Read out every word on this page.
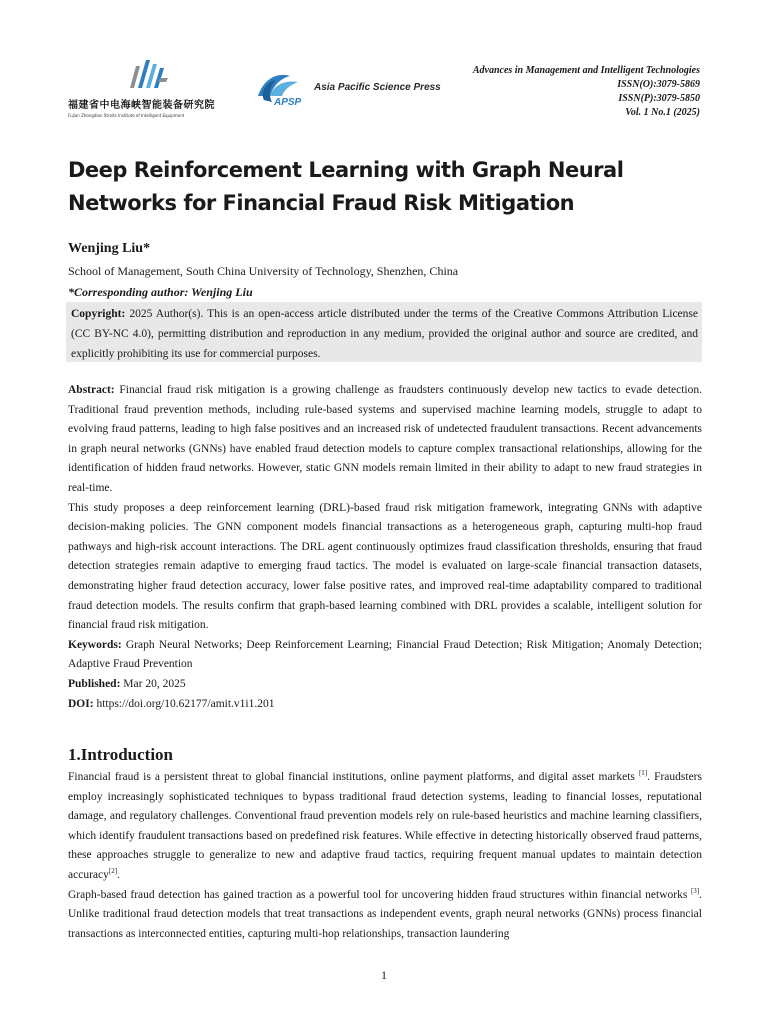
福建省中电海峡智能装备研究院
Fujian Zhongdian Straits Institute of Intelligent Equipment
APSP
Asia Pacific Science Press
Advances in Management and Intelligent Technologies
ISSN(O):3079-5869
ISSN(P):3079-5850
Vol. 1 No.1 (2025)
Deep Reinforcement Learning with Graph Neural Networks for Financial Fraud Risk Mitigation
Wenjing Liu*
School of Management, South China University of Technology, Shenzhen, China
*Corresponding author: Wenjing Liu
Copyright: 2025 Author(s). This is an open-access article distributed under the terms of the Creative Commons Attribution License (CC BY-NC 4.0), permitting distribution and reproduction in any medium, provided the original author and source are credited, and explicitly prohibiting its use for commercial purposes.

Abstract: Financial fraud risk mitigation is a growing challenge as fraudsters continuously develop new tactics to evade detection. Traditional fraud prevention methods, including rule-based systems and supervised machine learning models, struggle to adapt to evolving fraud patterns, leading to high false positives and an increased risk of undetected fraudulent transactions. Recent advancements in graph neural networks (GNNs) have enabled fraud detection models to capture complex transactional relationships, allowing for the identification of hidden fraud networks. However, static GNN models remain limited in their ability to adapt to new fraud strategies in real-time.

This study proposes a deep reinforcement learning (DRL)-based fraud risk mitigation framework, integrating GNNs with adaptive decision-making policies. The GNN component models financial transactions as a heterogeneous graph, capturing multi-hop fraud pathways and high-risk account interactions. The DRL agent continuously optimizes fraud classification thresholds, ensuring that fraud detection strategies remain adaptive to emerging fraud tactics. The model is evaluated on large-scale financial transaction datasets, demonstrating higher fraud detection accuracy, lower false positive rates, and improved real-time adaptability compared to traditional fraud detection models. The results confirm that graph-based learning combined with DRL provides a scalable, intelligent solution for financial fraud risk mitigation.

Keywords: Graph Neural Networks; Deep Reinforcement Learning; Financial Fraud Detection; Risk Mitigation; Anomaly Detection; Adaptive Fraud Prevention

Published: Mar 20, 2025

DOI: https://doi.org/10.62177/amit.v1i1.201

1.Introduction

Financial fraud is a persistent threat to global financial institutions, online payment platforms, and digital asset markets [1]. Fraudsters employ increasingly sophisticated techniques to bypass traditional fraud detection systems, leading to financial losses, reputational damage, and regulatory challenges. Conventional fraud prevention models rely on rule-based heuristics and machine learning classifiers, which identify fraudulent transactions based on predefined risk features. While effective in detecting historically observed fraud patterns, these approaches struggle to generalize to new and adaptive fraud tactics, requiring frequent manual updates to maintain detection accuracy[2].

Graph-based fraud detection has gained traction as a powerful tool for uncovering hidden fraud structures within financial networks [3]. Unlike traditional fraud detection models that treat transactions as independent events, graph neural networks (GNNs) process financial transactions as interconnected entities, capturing multi-hop relationships, transaction laundering

1
